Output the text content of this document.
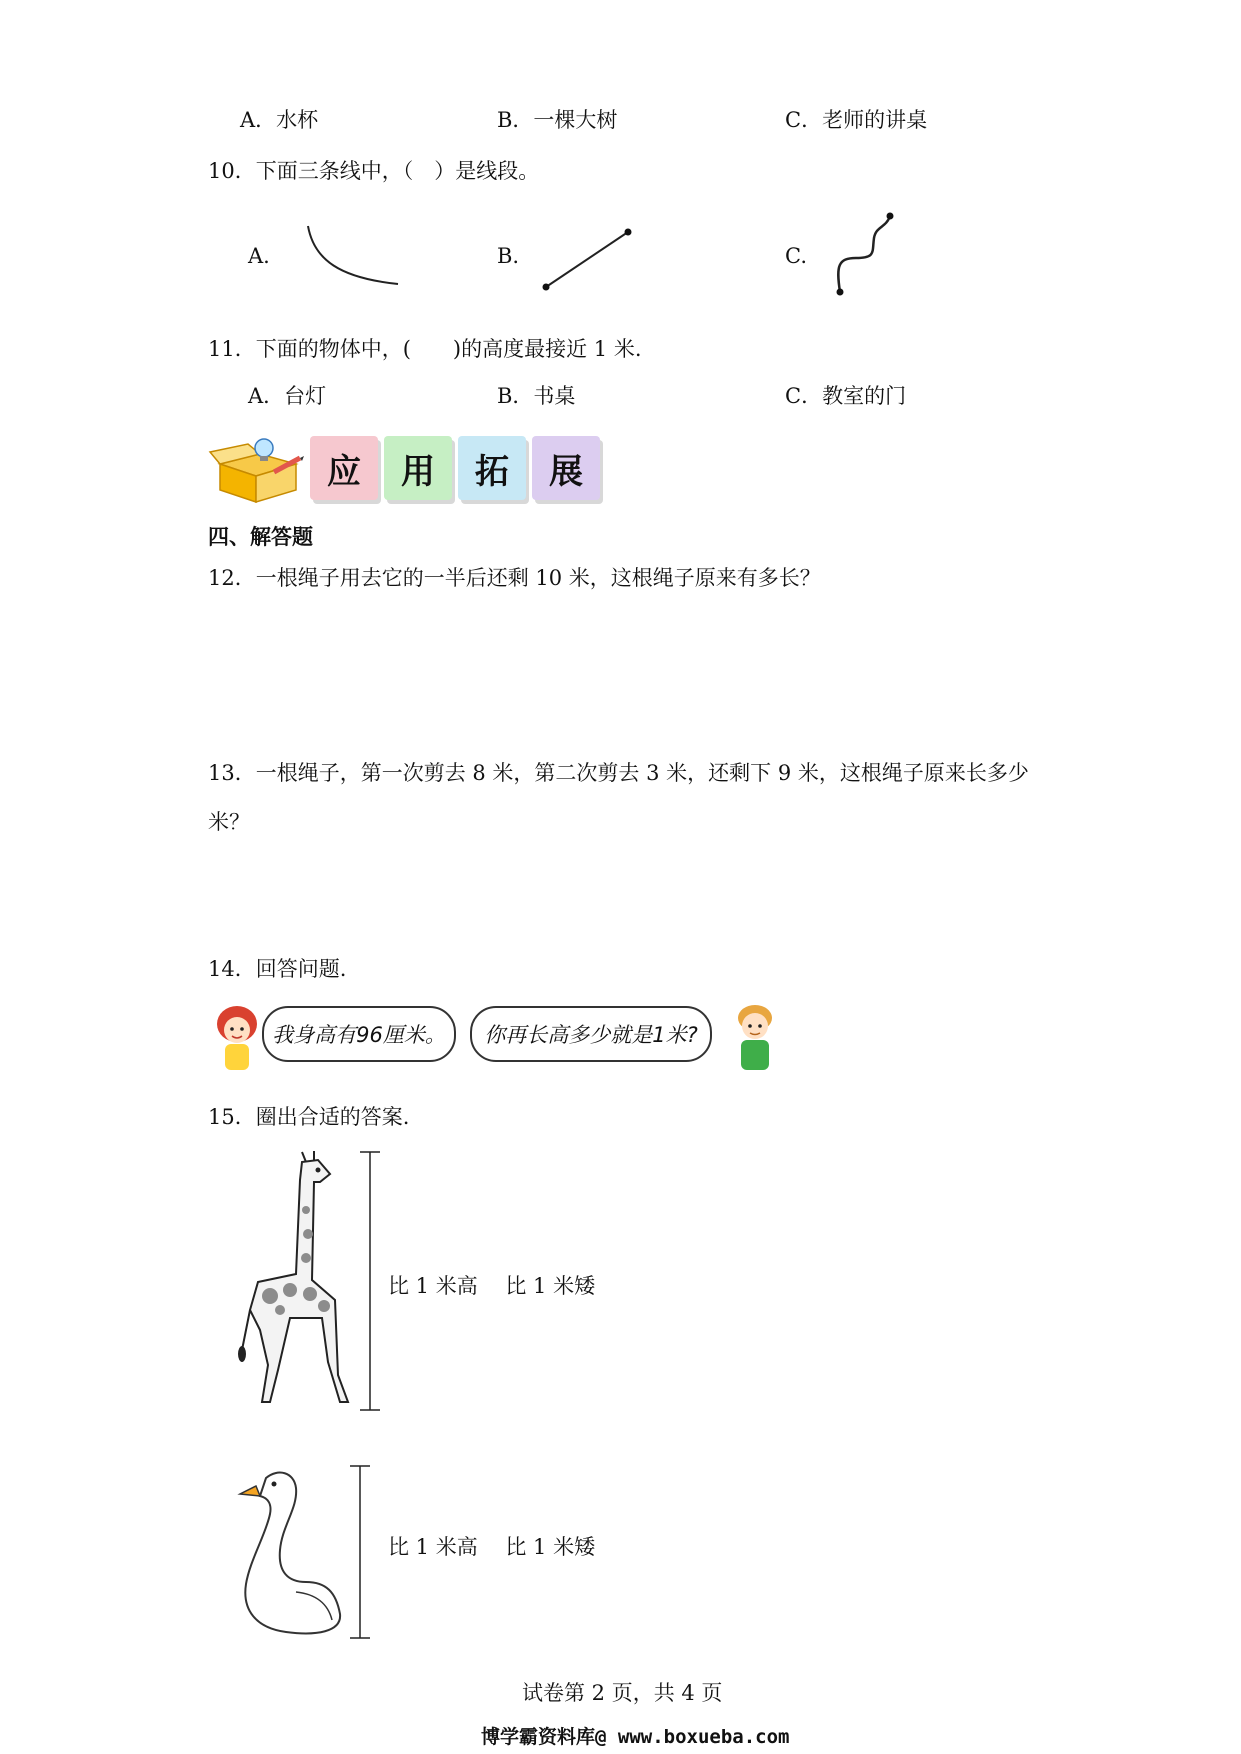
A．水杯	B．一棵大树	C．老师的讲桌
10．下面三条线中，（　）是线段。
A.	B.	C.
11．下面的物体中，(　　)的高度最接近 1 米.
A．台灯	B．书桌	C．教室的门
应	用	拓	展
四、解答题
12．一根绳子用去它的一半后还剩 10 米，这根绳子原来有多长？
13．一根绳子，第一次剪去 8 米，第二次剪去 3 米，还剩下 9 米，这根绳子原来长多少
米？
14．回答问题.
我身高有96厘米。 你再长高多少就是1米?
15．圈出合适的答案.
比 1 米高　 比 1 米矮
比 1 米高　 比 1 米矮
试卷第 2 页，共 4 页
博学霸资料库@ www.boxueba.com
